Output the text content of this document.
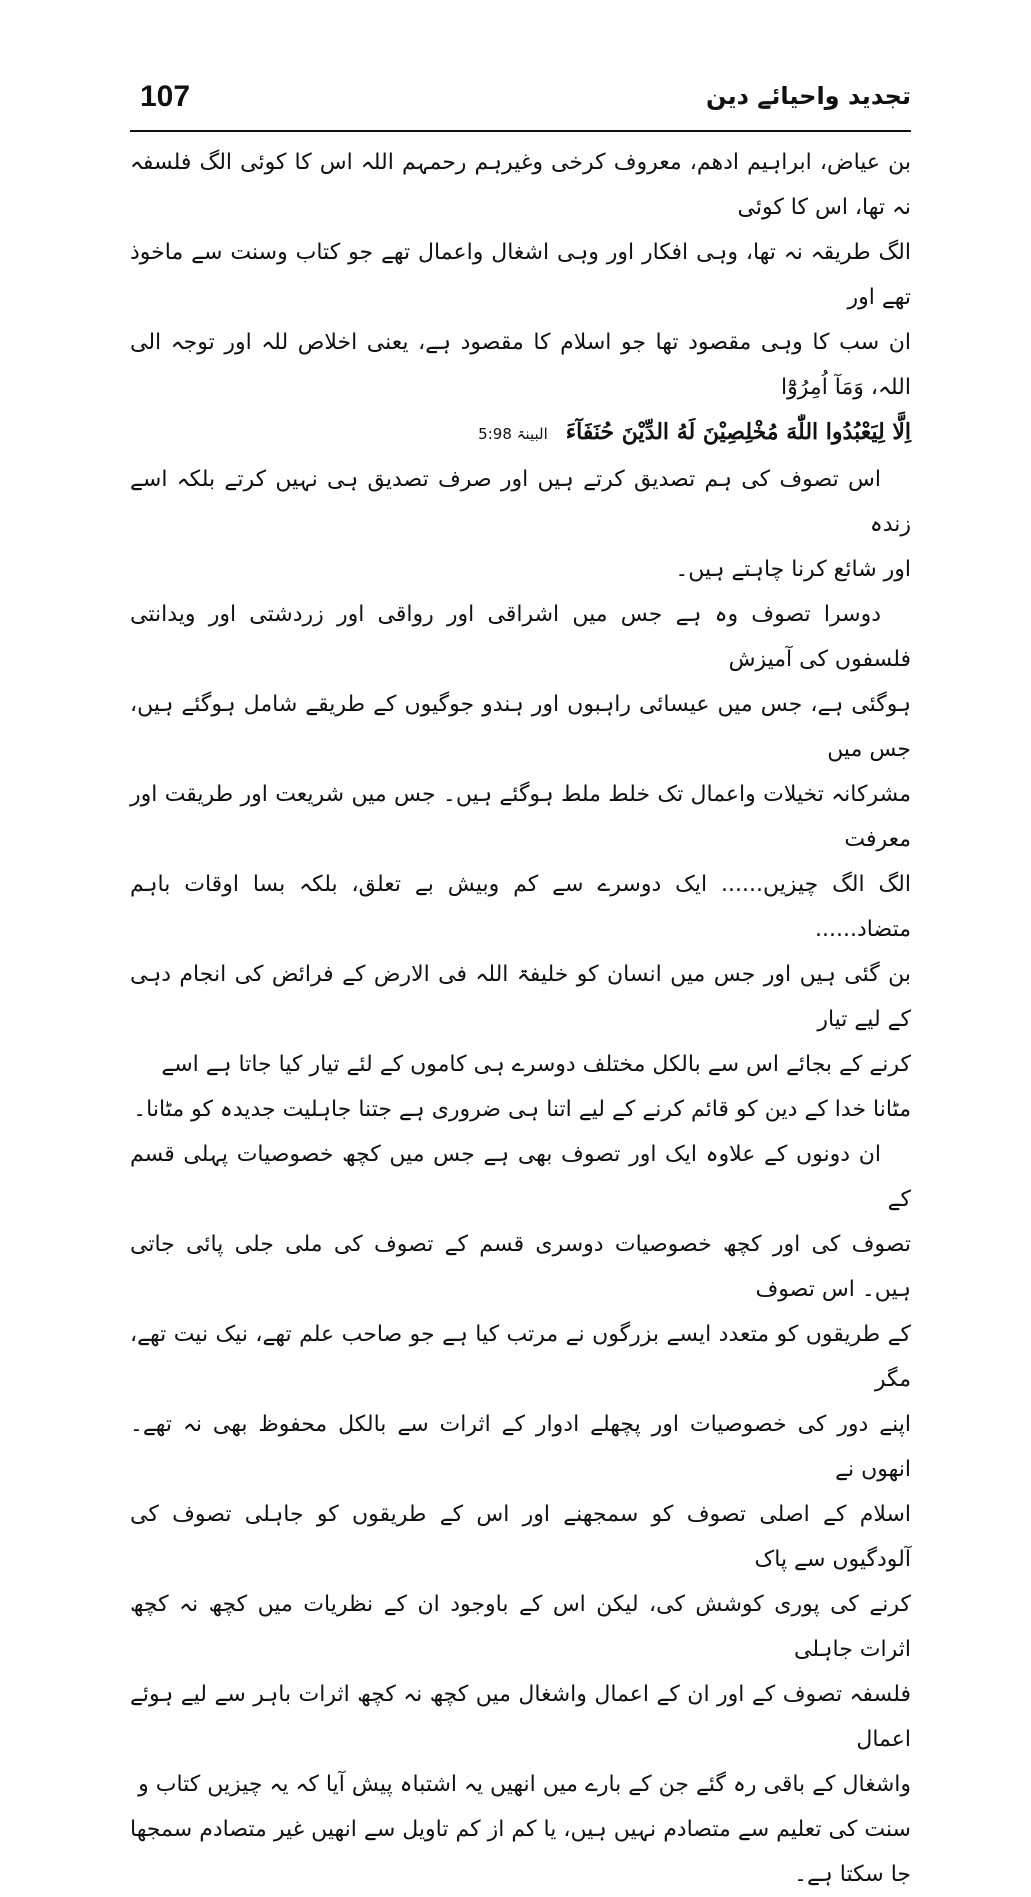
107	تجدید واحیائے دین

بن عیاض، ابراہیم ادھم، معروف کرخی وغیرہم رحمہم اللہ اس کا کوئی الگ فلسفہ نہ تھا، اس کا کوئی
الگ طریقہ نہ تھا، وہی افکار اور وہی اشغال واعمال تھے جو کتاب وسنت سے ماخوذ تھے اور
ان سب کا وہی مقصود تھا جو اسلام کا مقصود ہے، یعنی اخلاص للہ اور توجہ الی اللہ، وَمَآ اُمِرُوْٓا

اِلَّا لِيَعْبُدُوا اللّٰهَ مُخْلِصِيْنَ لَهُ الدِّيْنَ حُنَفَآءَ
البینۃ 5:98

اس تصوف کی ہم تصدیق کرتے ہیں اور صرف تصدیق ہی نہیں کرتے بلکہ اسے زندہ
اور شائع کرنا چاہتے ہیں۔

دوسرا تصوف وہ ہے جس میں اشراقی اور رواقی اور زردشتی اور ویدانتی فلسفوں کی آمیزش
ہوگئی ہے، جس میں عیسائی راہبوں اور ہندو جوگیوں کے طریقے شامل ہوگئے ہیں، جس میں
مشرکانہ تخیلات واعمال تک خلط ملط ہوگئے ہیں۔ جس میں شریعت اور طریقت اور معرفت
الگ الگ چیزیں...... ایک دوسرے سے کم وبیش بے تعلق، بلکہ بسا اوقات باہم متضاد......
بن گئی ہیں اور جس میں انسان کو خلیفۃ اللہ فی الارض کے فرائض کی انجام دہی کے لیے تیار
کرنے کے بجائے اس سے بالکل مختلف دوسرے ہی کاموں کے لئے تیار کیا جاتا ہے اسے
مٹانا خدا کے دین کو قائم کرنے کے لیے اتنا ہی ضروری ہے جتنا جاہلیت جدیدہ کو مٹانا۔

ان دونوں کے علاوہ ایک اور تصوف بھی ہے جس میں کچھ خصوصیات پہلی قسم کے
تصوف کی اور کچھ خصوصیات دوسری قسم کے تصوف کی ملی جلی پائی جاتی ہیں۔ اس تصوف
کے طریقوں کو متعدد ایسے بزرگوں نے مرتب کیا ہے جو صاحب علم تھے، نیک نیت تھے، مگر
اپنے دور کی خصوصیات اور پچھلے ادوار کے اثرات سے بالکل محفوظ بھی نہ تھے۔ انھوں نے
اسلام کے اصلی تصوف کو سمجھنے اور اس کے طریقوں کو جاہلی تصوف کی آلودگیوں سے پاک
کرنے کی پوری کوشش کی، لیکن اس کے باوجود ان کے نظریات میں کچھ نہ کچھ اثرات جاہلی
فلسفہ تصوف کے اور ان کے اعمال واشغال میں کچھ نہ کچھ اثرات باہر سے لیے ہوئے اعمال
واشغال کے باقی رہ گئے جن کے بارے میں انھیں یہ اشتباہ پیش آیا کہ یہ چیزیں کتاب و
سنت کی تعلیم سے متصادم نہیں ہیں، یا کم از کم تاویل سے انھیں غیر متصادم سمجھا جا سکتا ہے۔
